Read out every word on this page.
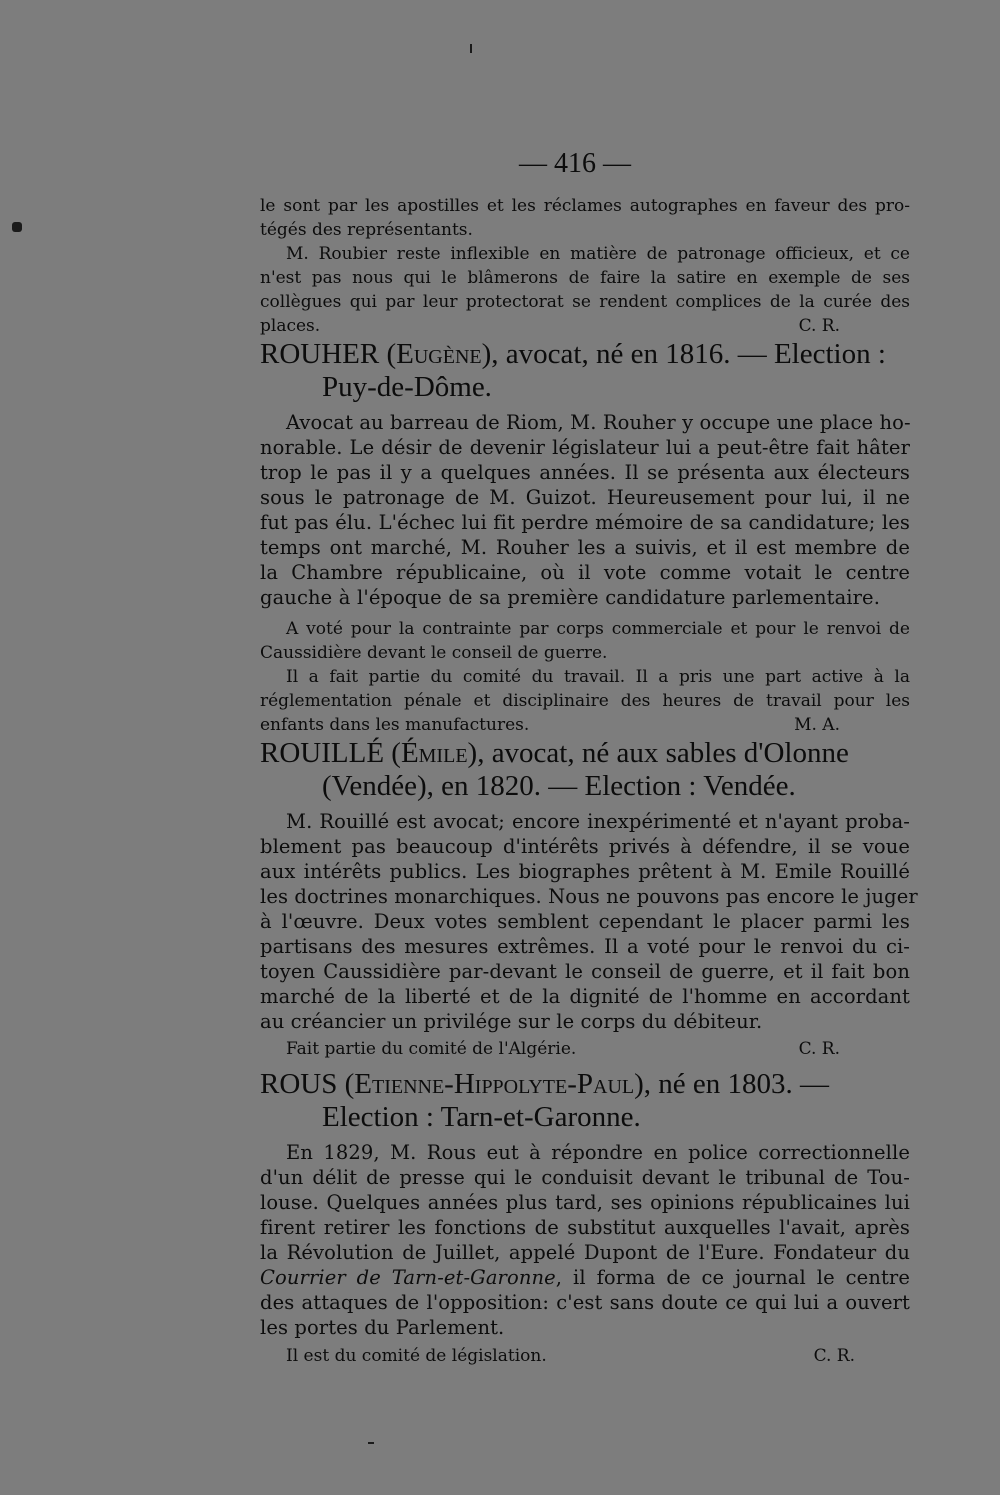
— 416 —
le sont par les apostilles et les réclames autographes en faveur des pro-
tégés des représentants.
M. Roubier reste inflexible en matière de patronage officieux, et ce
n'est pas nous qui le blâmerons de faire la satire en exemple de ses
collègues qui par leur protectorat se rendent complices de la curée des
places.	C. R.
ROUHER (Eugène), avocat, né en 1816. — Election :
Puy-de-Dôme.
Avocat au barreau de Riom, M. Rouher y occupe une place ho-
norable. Le désir de devenir législateur lui a peut-être fait hâter
trop le pas il y a quelques années. Il se présenta aux électeurs
sous le patronage de M. Guizot. Heureusement pour lui, il ne
fut pas élu. L'échec lui fit perdre mémoire de sa candidature; les
temps ont marché, M. Rouher les a suivis, et il est membre de
la Chambre républicaine, où il vote comme votait le centre
gauche à l'époque de sa première candidature parlementaire.
A voté pour la contrainte par corps commerciale et pour le renvoi de
Caussidière devant le conseil de guerre.
Il a fait partie du comité du travail. Il a pris une part active à la
réglementation pénale et disciplinaire des heures de travail pour les
enfants dans les manufactures.	M. A.
ROUILLÉ (Émile), avocat, né aux sables d'Olonne
(Vendée), en 1820. — Election : Vendée.
M. Rouillé est avocat; encore inexpérimenté et n'ayant proba-
blement pas beaucoup d'intérêts privés à défendre, il se voue
aux intérêts publics. Les biographes prêtent à M. Emile Rouillé
les doctrines monarchiques. Nous ne pouvons pas encore le juger
à l'œuvre. Deux votes semblent cependant le placer parmi les
partisans des mesures extrêmes. Il a voté pour le renvoi du ci-
toyen Caussidière par-devant le conseil de guerre, et il fait bon
marché de la liberté et de la dignité de l'homme en accordant
au créancier un privilége sur le corps du débiteur.
Fait partie du comité de l'Algérie.	C. R.
ROUS (Etienne-Hippolyte-Paul), né en 1803. —
Election : Tarn-et-Garonne.
En 1829, M. Rous eut à répondre en police correctionnelle
d'un délit de presse qui le conduisit devant le tribunal de Tou-
louse. Quelques années plus tard, ses opinions républicaines lui
firent retirer les fonctions de substitut auxquelles l'avait, après
la Révolution de Juillet, appelé Dupont de l'Eure. Fondateur du
Courrier de Tarn-et-Garonne, il forma de ce journal le centre
des attaques de l'opposition: c'est sans doute ce qui lui a ouvert
les portes du Parlement.
Il est du comité de législation.	C. R.
